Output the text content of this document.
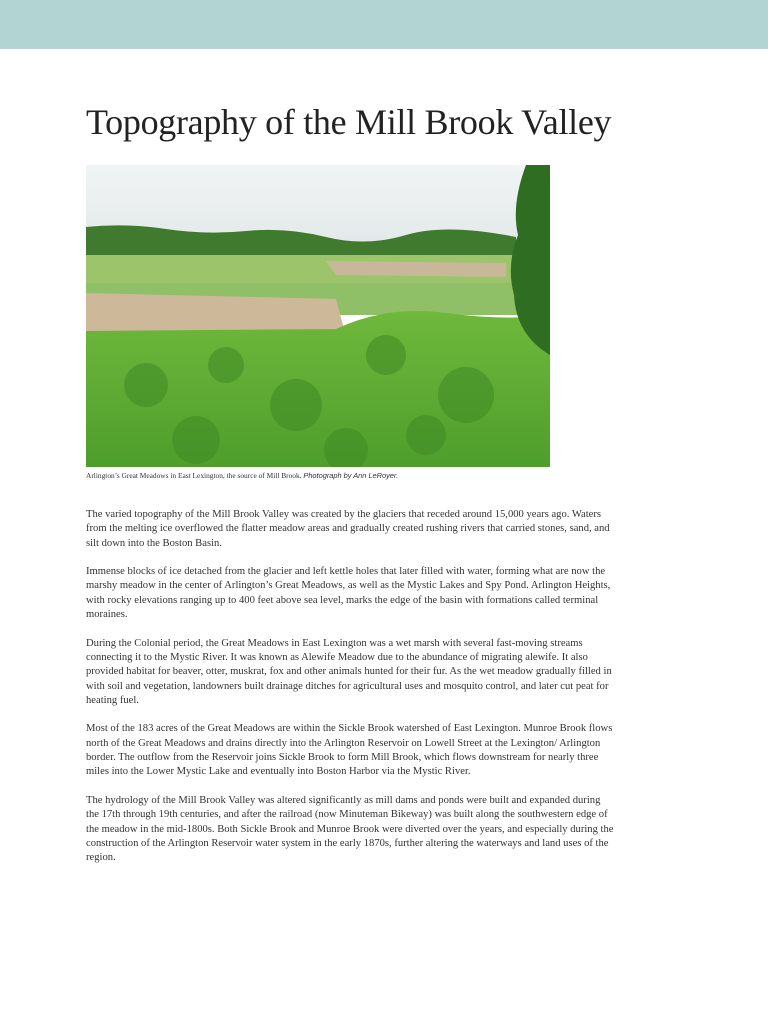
Topography of the Mill Brook Valley
Arlington’s Great Meadows in East Lexington, the source of Mill Brook. Photograph by Ann LeRoyer.

The varied topography of the Mill Brook Valley was created by the glaciers that receded around 15,000 years ago. Waters from the melting ice overflowed the flatter meadow areas and gradually created rushing rivers that carried stones, sand, and silt down into the Boston Basin.

Immense blocks of ice detached from the glacier and left kettle holes that later filled with water, forming what are now the marshy meadow in the center of Arlington’s Great Meadows, as well as the Mystic Lakes and Spy Pond. Arlington Heights, with rocky elevations ranging up to 400 feet above sea level, marks the edge of the basin with formations called terminal moraines.

During the Colonial period, the Great Meadows in East Lexington was a wet marsh with several fast-moving streams connecting it to the Mystic River. It was known as Alewife Meadow due to the abundance of migrating alewife. It also provided habitat for beaver, otter, muskrat, fox and other animals hunted for their fur. As the wet meadow gradually filled in with soil and vegetation, landowners built drainage ditches for agricultural uses and mosquito control, and later cut peat for heating fuel.

Most of the 183 acres of the Great Meadows are within the Sickle Brook watershed of East Lexington. Munroe Brook flows north of the Great Meadows and drains directly into the Arlington Reservoir on Lowell Street at the Lexington/ Arlington border. The outflow from the Reservoir joins Sickle Brook to form Mill Brook, which flows downstream for nearly three miles into the Lower Mystic Lake and eventually into Boston Harbor via the Mystic River.

The hydrology of the Mill Brook Valley was altered significantly as mill dams and ponds were built and expanded during the 17th through 19th centuries, and after the railroad (now Minuteman Bikeway) was built along the southwestern edge of the meadow in the mid-1800s. Both Sickle Brook and Munroe Brook were diverted over the years, and especially during the construction of the Arlington Reservoir water system in the early 1870s, further altering the waterways and land uses of the region.
